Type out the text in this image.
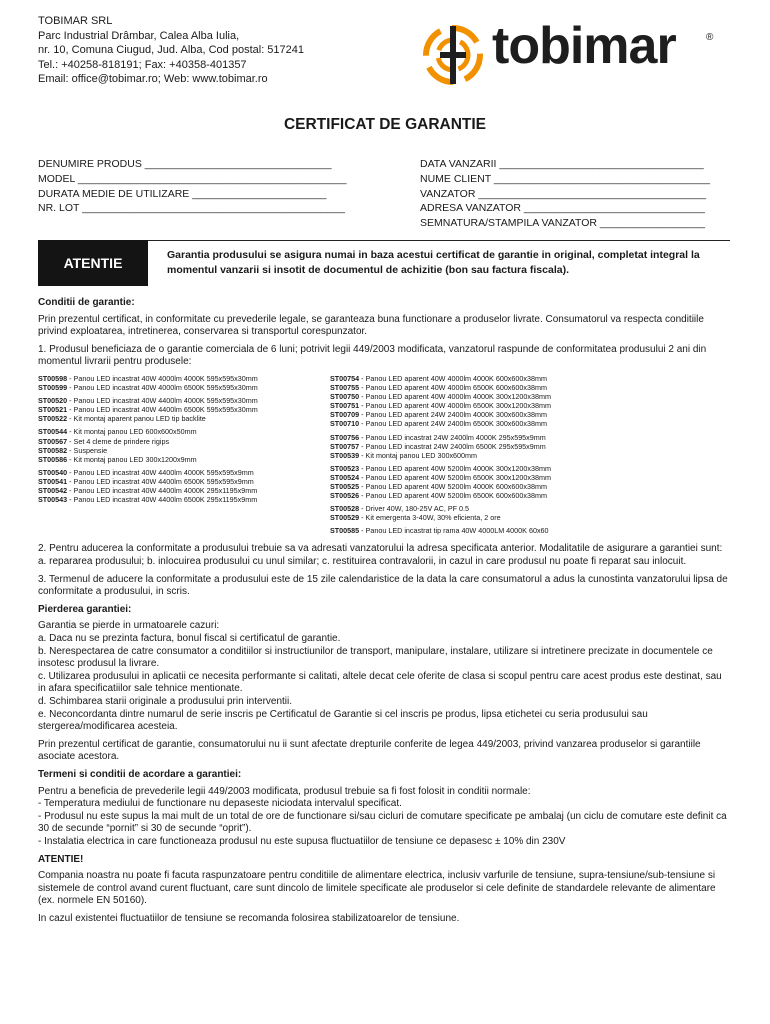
TOBIMAR SRL
Parc Industrial Drâmbar, Calea Alba Iulia,
nr. 10, Comuna Ciugud, Jud. Alba, Cod postal: 517241
Tel.: +40258-818191; Fax: +40358-401357
Email: office@tobimar.ro; Web: www.tobimar.ro
tobimar	®
CERTIFICAT DE GARANTIE
DENUMIRE PRODUS ________________________________
MODEL ______________________________________________
DURATA MEDIE DE UTILIZARE _______________________
NR. LOT _____________________________________________
DATA VANZARII ___________________________________
NUME CLIENT _____________________________________
VANZATOR _______________________________________
ADRESA VANZATOR _______________________________
SEMNATURA/STAMPILA VANZATOR __________________
ATENTIE	Garantia produsului se asigura numai in baza acestui certificat de garantie in original, completat integral la momentul vanzarii si insotit de documentul de achizitie (bon sau factura fiscala).

Conditii de garantie:

Prin prezentul certificat, in conformitate cu prevederile legale, se garanteaza buna functionare a produselor livrate. Consumatorul va respecta conditiile privind exploatarea, intretinerea, conservarea si transportul corespunzator.

1. Produsul beneficiaza de o garantie comerciala de 6 luni; potrivit legii 449/2003 modificata, vanzatorul raspunde de conformitatea produsului 2 ani din momentul livrarii pentru produsele:

ST00598 - Panou LED incastrat 40W 4000lm 4000K 595x595x30mm
ST00599 - Panou LED incastrat 40W 4000lm 6500K 595x595x30mm
ST00520 - Panou LED incastrat 40W 4400lm 4000K 595x595x30mm
ST00521 - Panou LED incastrat 40W 4400lm 6500K 595x595x30mm
ST00522 - Kit montaj aparent panou LED tip backlite
ST00544 - Kit montaj panou LED 600x600x50mm
ST00567 - Set 4 cleme de prindere rigips
ST00582 - Suspensie
ST00586 - Kit montaj panou LED 300x1200x9mm
ST00540 - Panou LED incastrat 40W 4400lm 4000K 595x595x9mm
ST00541 - Panou LED incastrat 40W 4400lm 6500K 595x595x9mm
ST00542 - Panou LED incastrat 40W 4400lm 4000K 295x1195x9mm
ST00543 - Panou LED incastrat 40W 4400lm 6500K 295x1195x9mm
ST00754 - Panou LED aparent 40W 4000lm 4000K 600x600x38mm
ST00755 - Panou LED aparent 40W 4000lm 6500K 600x600x38mm
ST00750 - Panou LED aparent 40W 4000lm 4000K 300x1200x38mm
ST00751 - Panou LED aparent 40W 4000lm 6500K 300x1200x38mm
ST00709 - Panou LED aparent 24W 2400lm 4000K 300x600x38mm
ST00710 - Panou LED aparent 24W 2400lm 6500K 300x600x38mm
ST00756 - Panou LED incastrat 24W 2400lm 4000K 295x595x9mm
ST00757 - Panou LED incastrat 24W 2400lm 6500K 295x595x9mm
ST00539 - Kit montaj panou LED 300x600mm
ST00523 - Panou LED aparent 40W 5200lm 4000K 300x1200x38mm
ST00524 - Panou LED aparent 40W 5200lm 6500K 300x1200x38mm
ST00525 - Panou LED aparent 40W 5200lm 4000K 600x600x38mm
ST00526 - Panou LED aparent 40W 5200lm 6500K 600x600x38mm
ST00528 - Driver 40W, 180-25V AC, PF 0.5
ST00529 - Kit emergenta 3-40W, 30% eficienta, 2 ore
ST00585 - Panou LED incastrat tip rama 40W 4000LM 4000K 60x60

2. Pentru aducerea la conformitate a produsului trebuie sa va adresati vanzatorului la adresa specificata anterior. Modalitatile de asigurare a garantiei sunt: a. repararea produsului; b. inlocuirea produsului cu unul similar; c. restituirea contravalorii, in cazul in care produsul nu poate fi reparat sau inlocuit.

3. Termenul de aducere la conformitate a produsului este de 15 zile calendaristice de la data la care consumatorul a adus la cunostinta vanzatorului lipsa de conformitate a produsului, in scris.

Pierderea garantiei:

Garantia se pierde in urmatoarele cazuri:

a. Daca nu se prezinta factura, bonul fiscal si certificatul de garantie.

b. Nerespectarea de catre consumator a conditiilor si instructiunilor de transport, manipulare, instalare, utilizare si intretinere precizate in documentele ce insotesc produsul la livrare.

c. Utilizarea produsului in aplicatii ce necesita performante si calitati, altele decat cele oferite de clasa si scopul pentru care acest produs este destinat, sau in afara specificatiilor sale tehnice mentionate.

d. Schimbarea starii originale a produsului prin interventii.

e. Neconcordanta dintre numarul de serie inscris pe Certificatul de Garantie si cel inscris pe produs, lipsa etichetei cu seria produsului sau stergerea/modificarea acesteia.

Prin prezentul certificat de garantie, consumatorului nu ii sunt afectate drepturile conferite de legea 449/2003, privind vanzarea produselor si garantiile asociate acestora.

Termeni si conditii de acordare a garantiei:

Pentru a beneficia de prevederile legii 449/2003 modificata, produsul trebuie sa fi fost folosit in conditii normale:

- Temperatura mediului de functionare nu depaseste niciodata intervalul specificat.

- Produsul nu este supus la mai mult de un total de ore de functionare si/sau cicluri de comutare specificate pe ambalaj (un ciclu de comutare este definit ca 30 de secunde “pornit” si 30 de secunde “oprit”).

- Instalatia electrica in care functioneaza produsul nu este supusa fluctuatiilor de tensiune ce depasesc ± 10% din 230V

ATENTIE!

Compania noastra nu poate fi facuta raspunzatoare pentru conditiile de alimentare electrica, inclusiv varfurile de tensiune, supra-tensiune/sub-tensiune si sistemele de control avand curent fluctuant, care sunt dincolo de limitele specificate ale produselor si cele definite de standardele relevante de alimentare (ex. normele EN 50160).

In cazul existentei fluctuatiilor de tensiune se recomanda folosirea stabilizatoarelor de tensiune.
